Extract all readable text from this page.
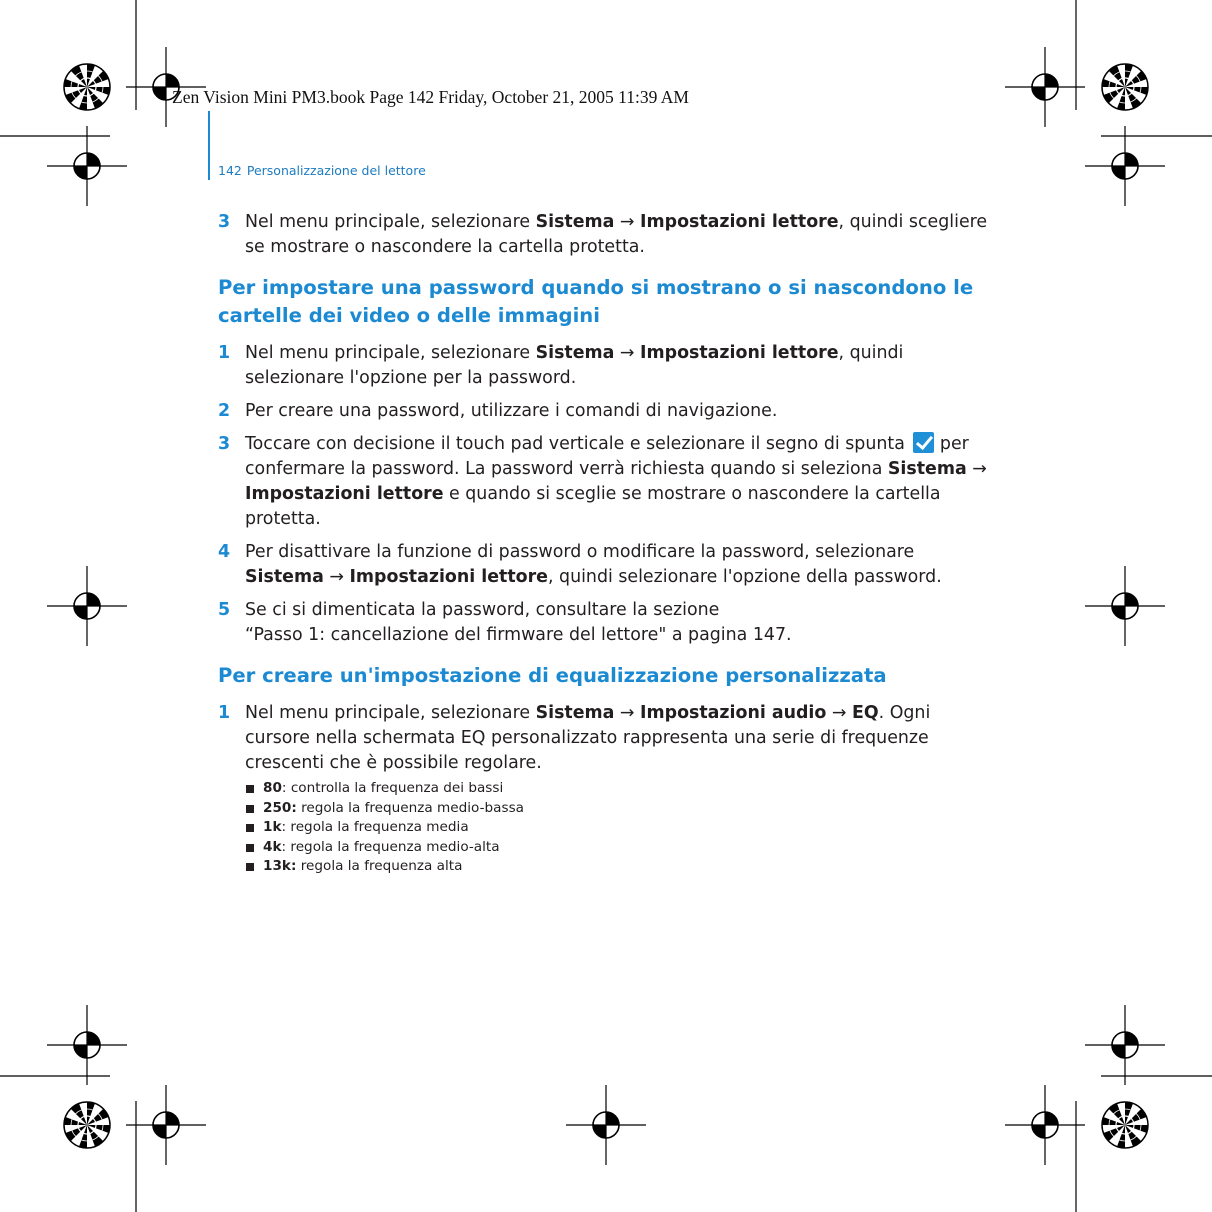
Zen Vision Mini PM3.book Page 142 Friday, October 21, 2005 11:39 AM
142 Personalizzazione del lettore
3 Nel menu principale, selezionare Sistema → Impostazioni lettore, quindi scegliere se mostrare o nascondere la cartella protetta.
Per impostare una password quando si mostrano o si nascondono le cartelle dei video o delle immagini
1 Nel menu principale, selezionare Sistema → Impostazioni lettore, quindi selezionare l'opzione per la password.
2 Per creare una password, utilizzare i comandi di navigazione.
3 Toccare con decisione il touch pad verticale e selezionare il segno di spunta  per confermare la password. La password verrà richiesta quando si seleziona Sistema → Impostazioni lettore e quando si sceglie se mostrare o nascondere la cartella protetta.
4 Per disattivare la funzione di password o modificare la password, selezionare Sistema → Impostazioni lettore, quindi selezionare l'opzione della password.
5 Se ci si dimenticata la password, consultare la sezione
“Passo 1: cancellazione del firmware del lettore" a pagina 147.
Per creare un'impostazione di equalizzazione personalizzata
1 Nel menu principale, selezionare Sistema → Impostazioni audio → EQ. Ogni cursore nella schermata EQ personalizzato rappresenta una serie di frequenze crescenti che è possibile regolare.
80: controlla la frequenza dei bassi
250: regola la frequenza medio-bassa
1k: regola la frequenza media
4k: regola la frequenza medio-alta
13k: regola la frequenza alta
